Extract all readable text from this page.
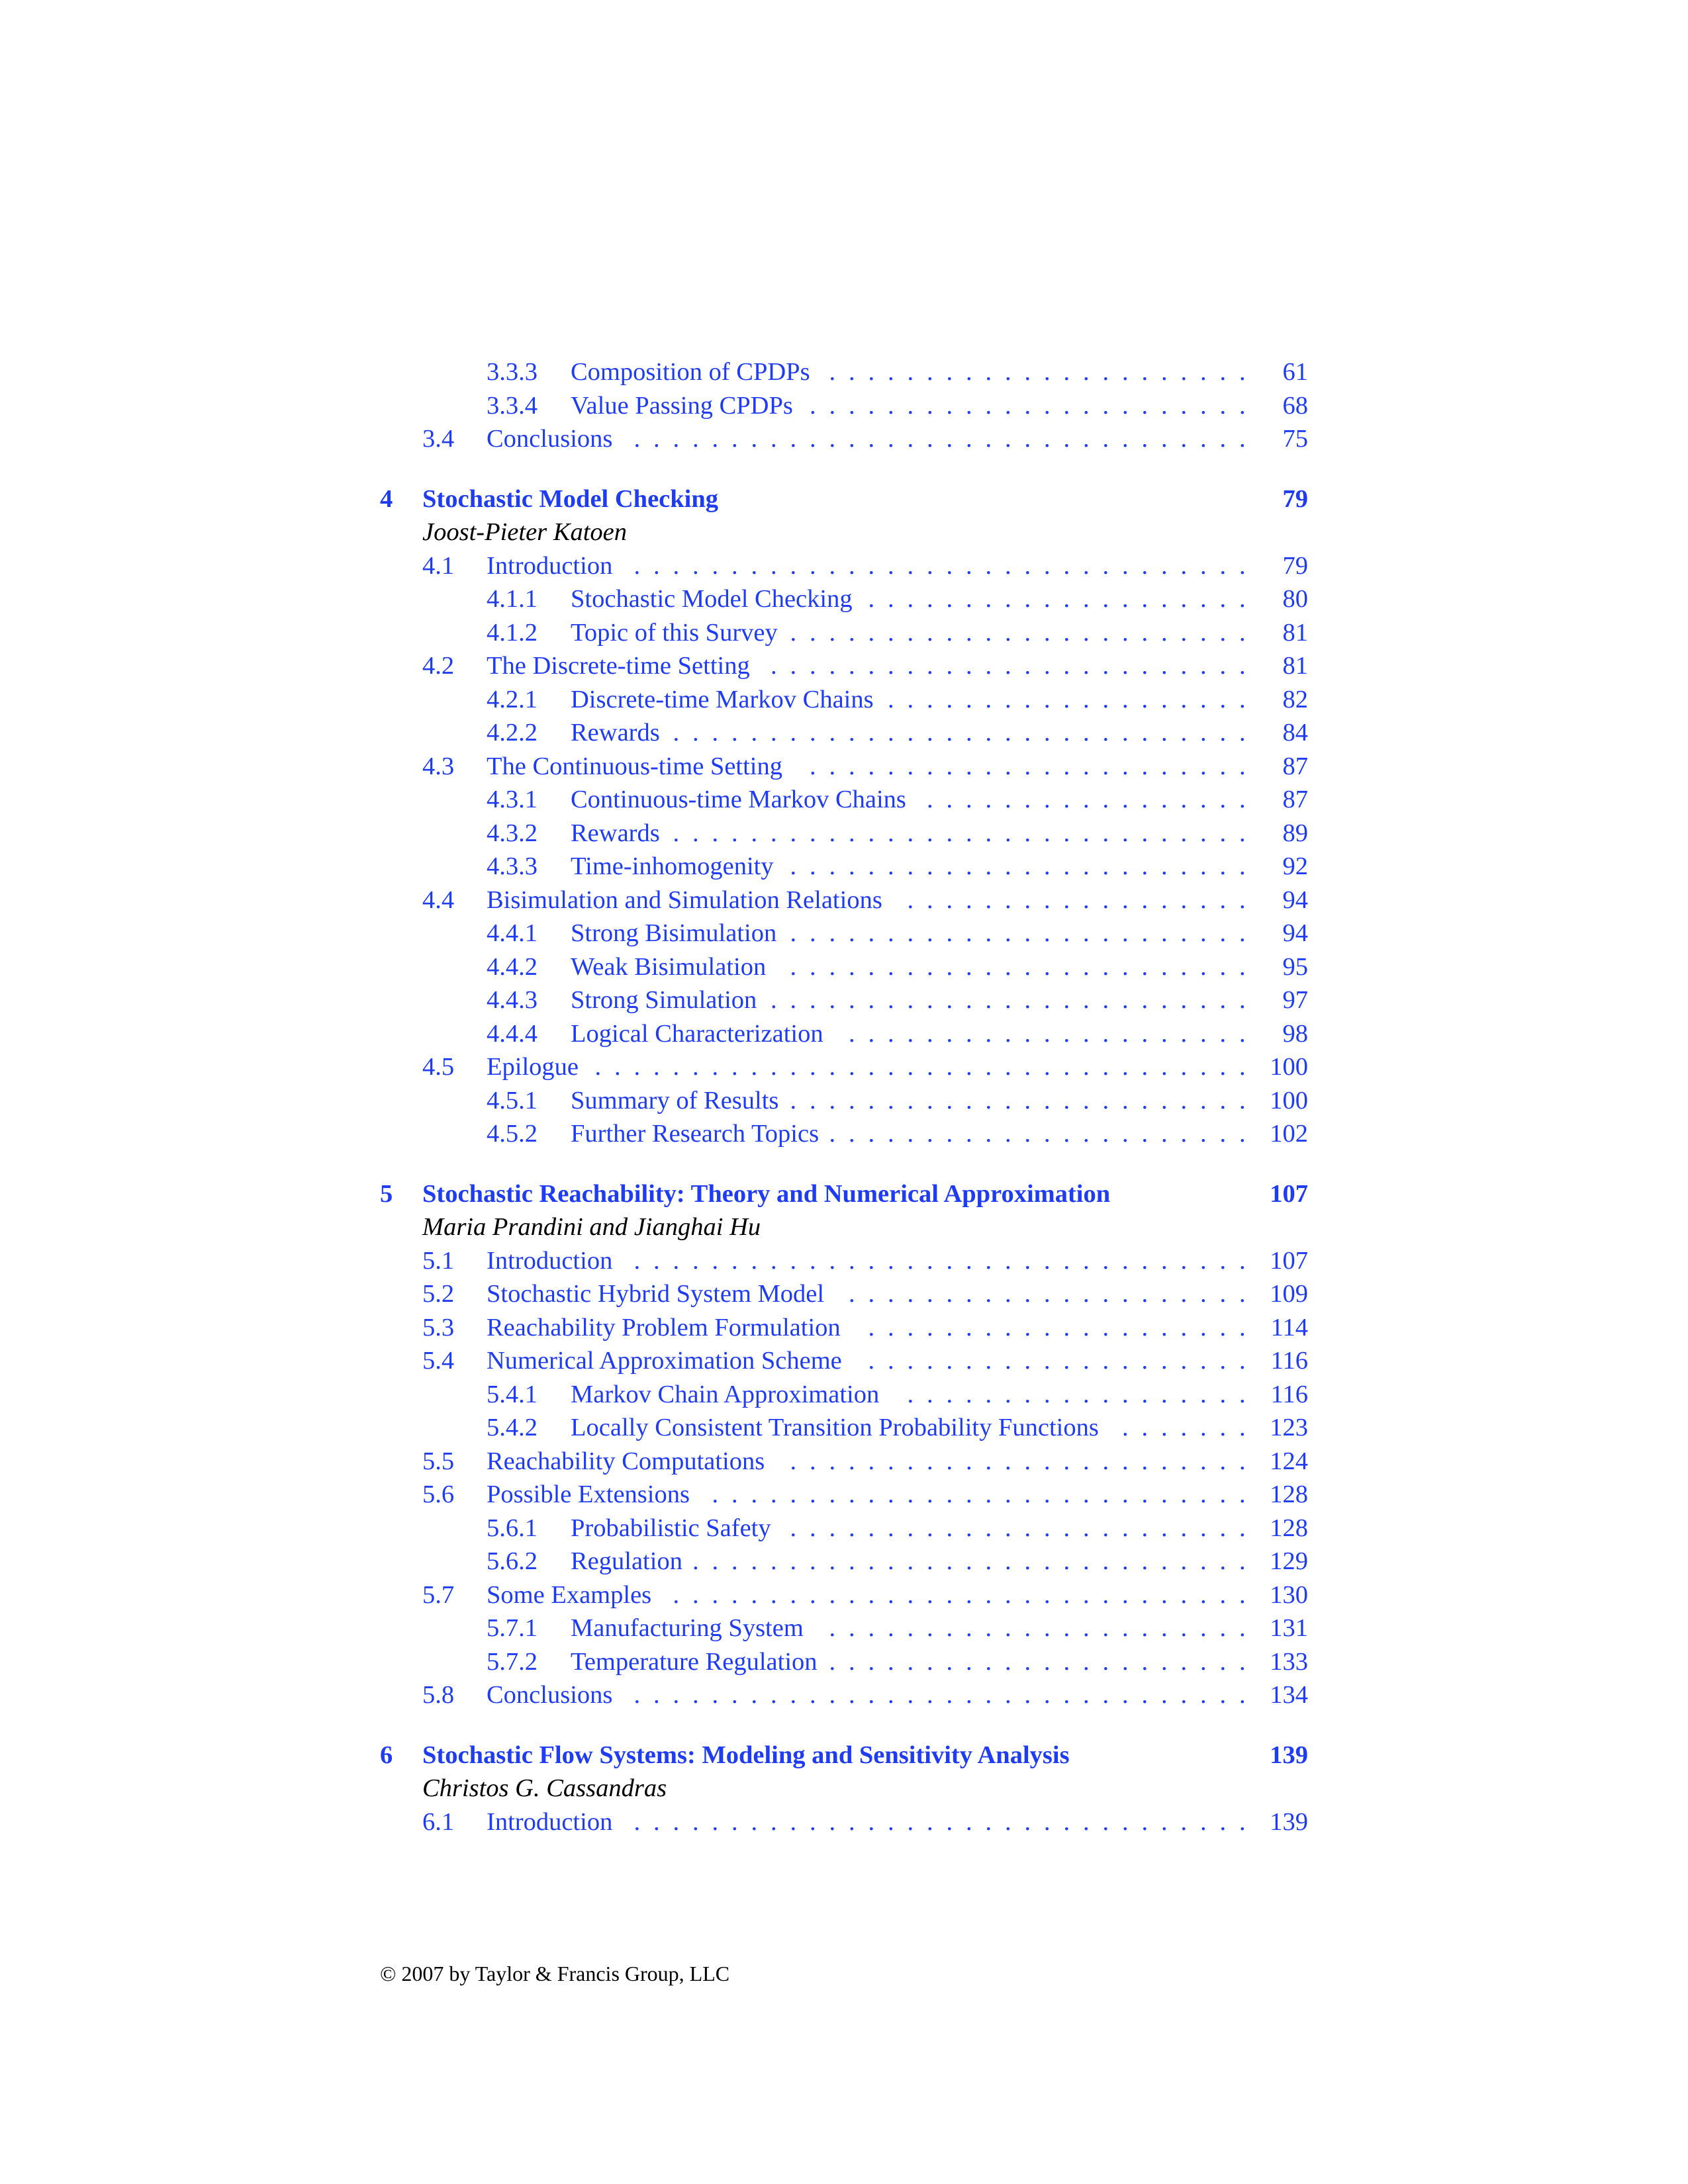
3.3.3 Composition of CPDPs	61
......................
3.3.4 Value Passing CPDPs	68
.......................
3.4 Conclusions	75
................................
4 Stochastic Model Checking	79
Joost-Pieter Katoen
4.1 Introduction	79
................................
4.1.1 Stochastic Model Checking	80
....................
4.1.2 Topic of this Survey	81
........................
4.2 The Discrete-time Setting	81
.........................
4.2.1 Discrete-time Markov Chains	82
...................
4.2.2 Rewards	84
..............................
4.3 The Continuous-time Setting	87
.......................
4.3.1 Continuous-time Markov Chains	87
.................
4.3.2 Rewards	89
..............................
4.3.3 Time-inhomogenity	92
........................
4.4 Bisimulation and Simulation Relations	94
..................
4.4.1 Strong Bisimulation	94
........................
4.4.2 Weak Bisimulation	95
........................
4.4.3 Strong Simulation	97
.........................
4.4.4 Logical Characterization	98
.....................
4.5 Epilogue	100
..................................
4.5.1 Summary of Results	100
........................
4.5.2 Further Research Topics	102
......................
5 Stochastic Reachability: Theory and Numerical Approximation	107
Maria Prandini and Jianghai Hu
5.1 Introduction	107
................................
5.2 Stochastic Hybrid System Model	109
.....................
5.3 Reachability Problem Formulation	114
....................
5.4 Numerical Approximation Scheme	116
....................
5.4.1 Markov Chain Approximation	116
..................
5.4.2 Locally Consistent Transition Probability Functions	123
.......
5.5 Reachability Computations	124
........................
5.6 Possible Extensions	128
............................
5.6.1 Probabilistic Safety	128
........................
5.6.2 Regulation	129
.............................
5.7 Some Examples	130
..............................
5.7.1 Manufacturing System	131
......................
5.7.2 Temperature Regulation	133
......................
5.8 Conclusions	134
................................
6 Stochastic Flow Systems: Modeling and Sensitivity Analysis	139
Christos G. Cassandras
6.1 Introduction	139
................................
© 2007 by Taylor & Francis Group, LLC
